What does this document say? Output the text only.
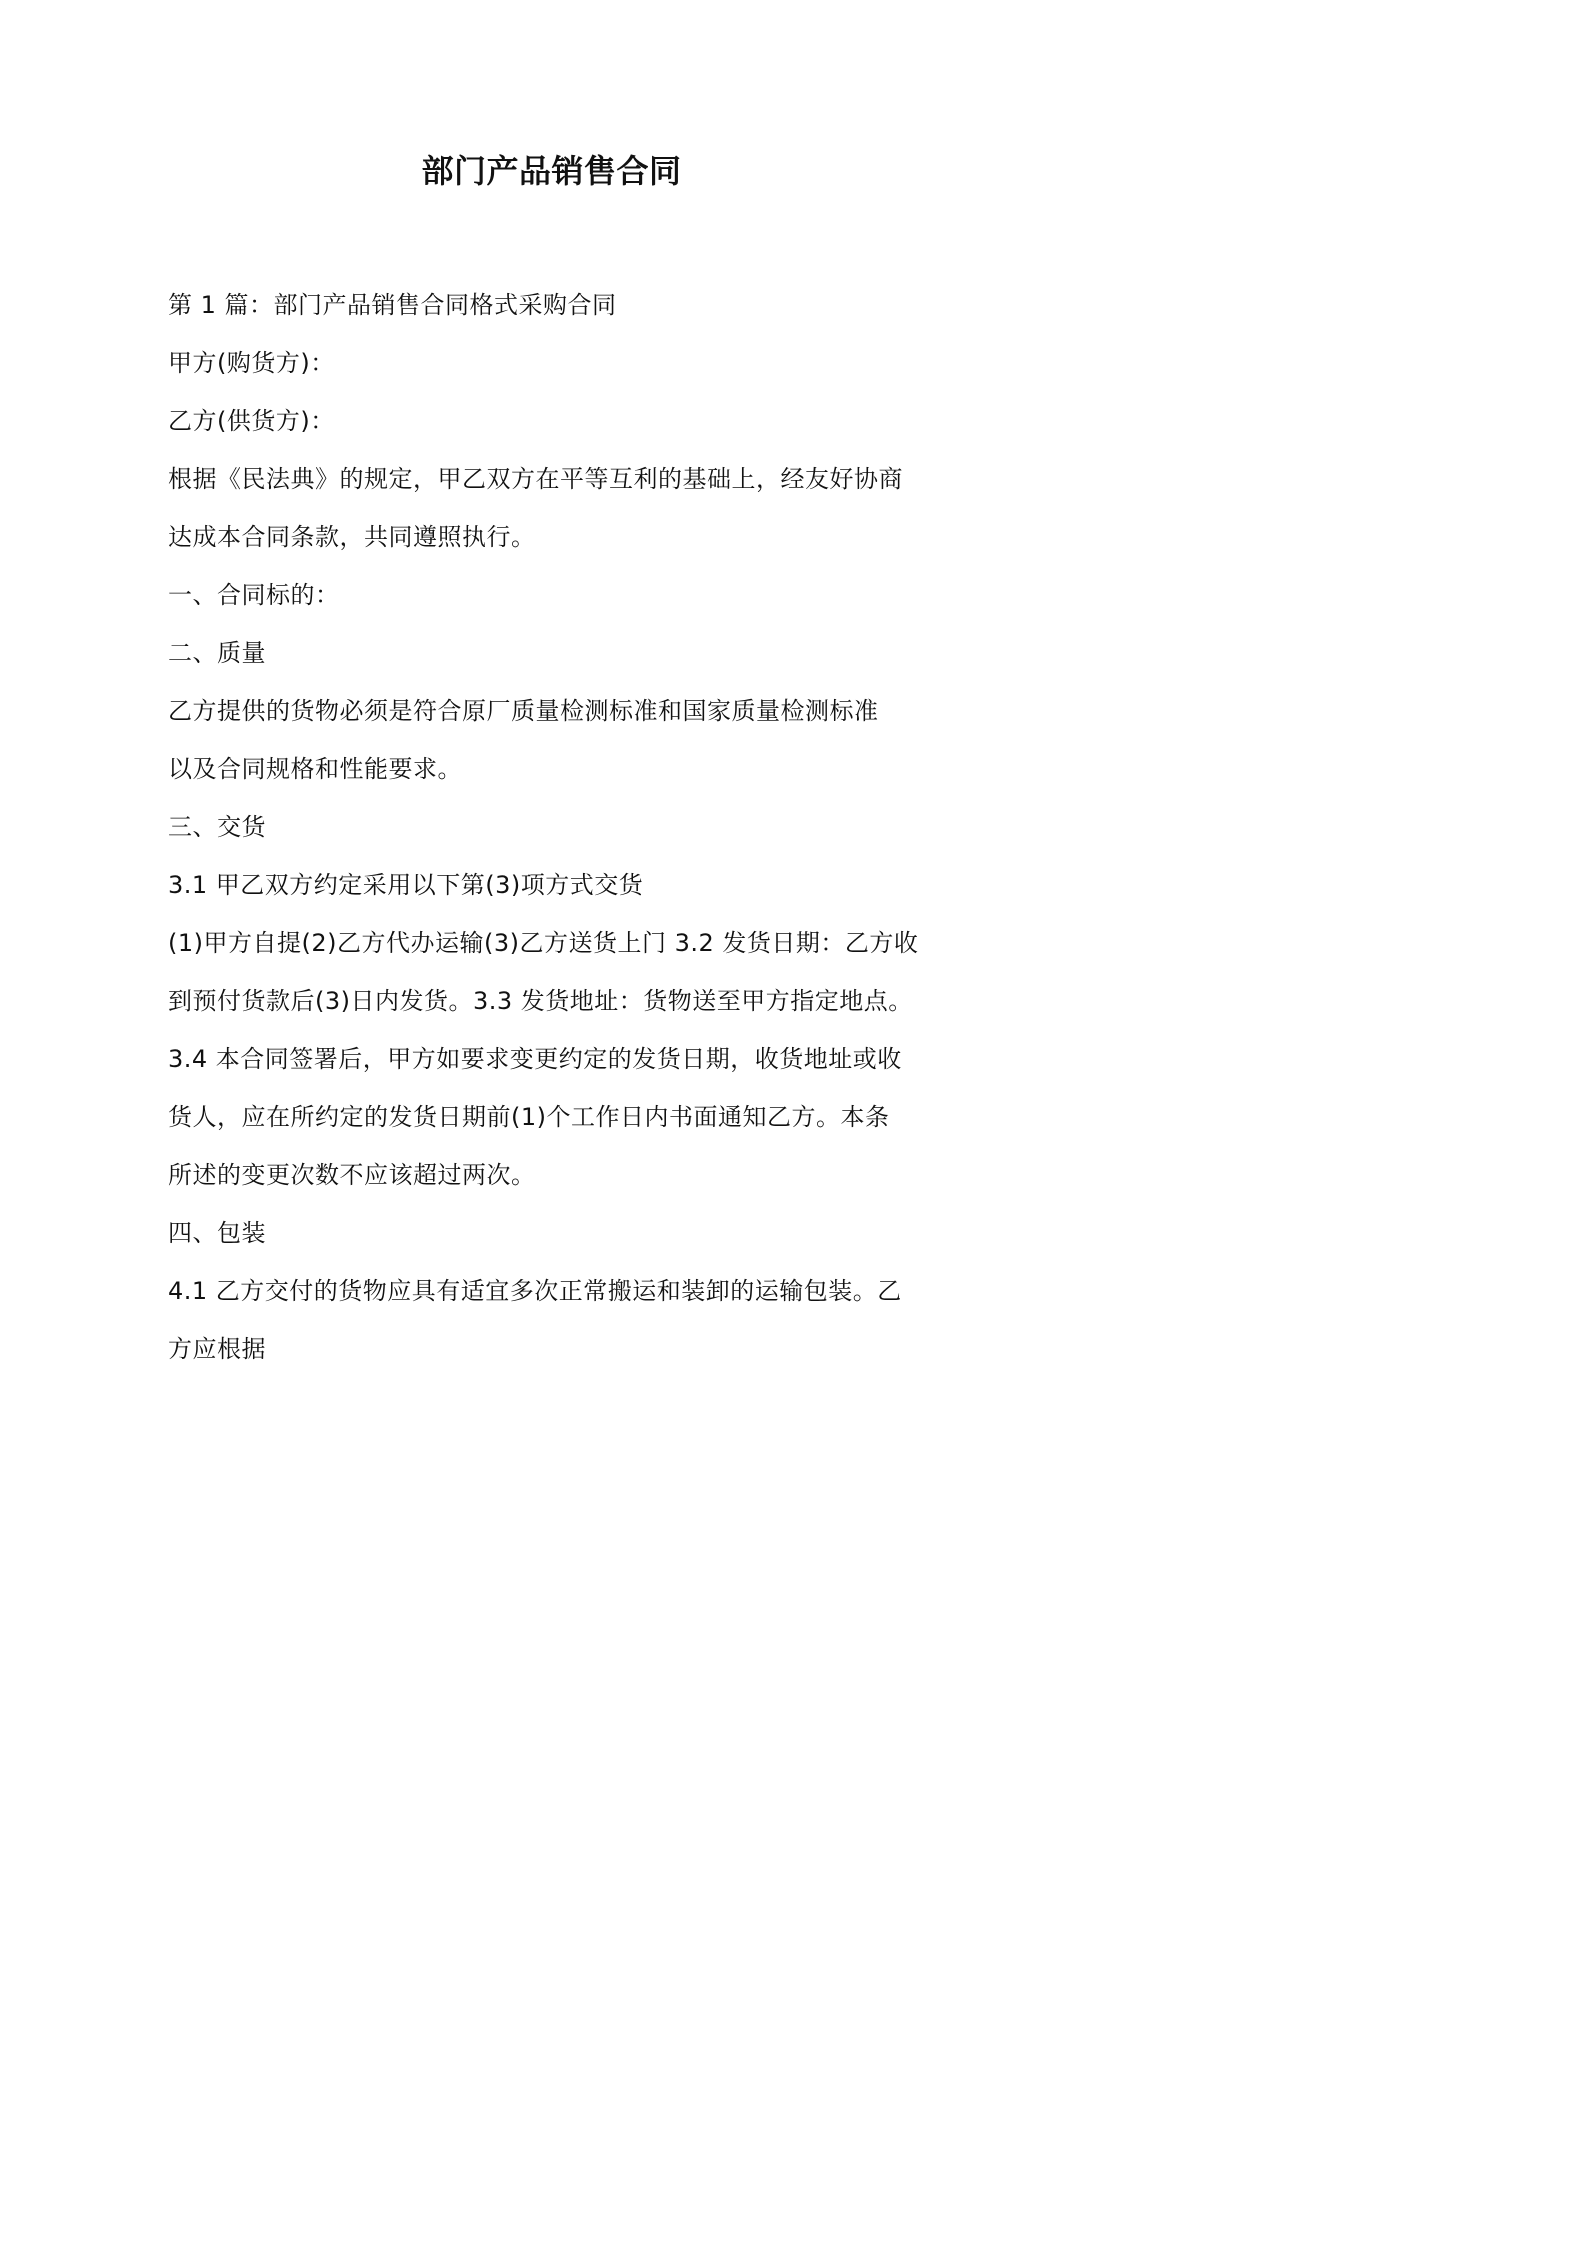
部门产品销售合同
第 1 篇：部门产品销售合同格式采购合同
甲方(购货方)：
乙方(供货方)：
根据《民法典》的规定，甲乙双方在平等互利的基础上，经友好协商
达成本合同条款，共同遵照执行。
一、合同标的：
二、质量
乙方提供的货物必须是符合原厂质量检测标准和国家质量检测标准
以及合同规格和性能要求。
三、交货
3.1 甲乙双方约定采用以下第(3)项方式交货
(1)甲方自提(2)乙方代办运输(3)乙方送货上门 3.2 发货日期：乙方收
到预付货款后(3)日内发货。3.3 发货地址：货物送至甲方指定地点。
3.4 本合同签署后，甲方如要求变更约定的发货日期，收货地址或收
货人，应在所约定的发货日期前(1)个工作日内书面通知乙方。本条
所述的变更次数不应该超过两次。
四、包装
4.1 乙方交付的货物应具有适宜多次正常搬运和装卸的运输包装。乙
方应根据
